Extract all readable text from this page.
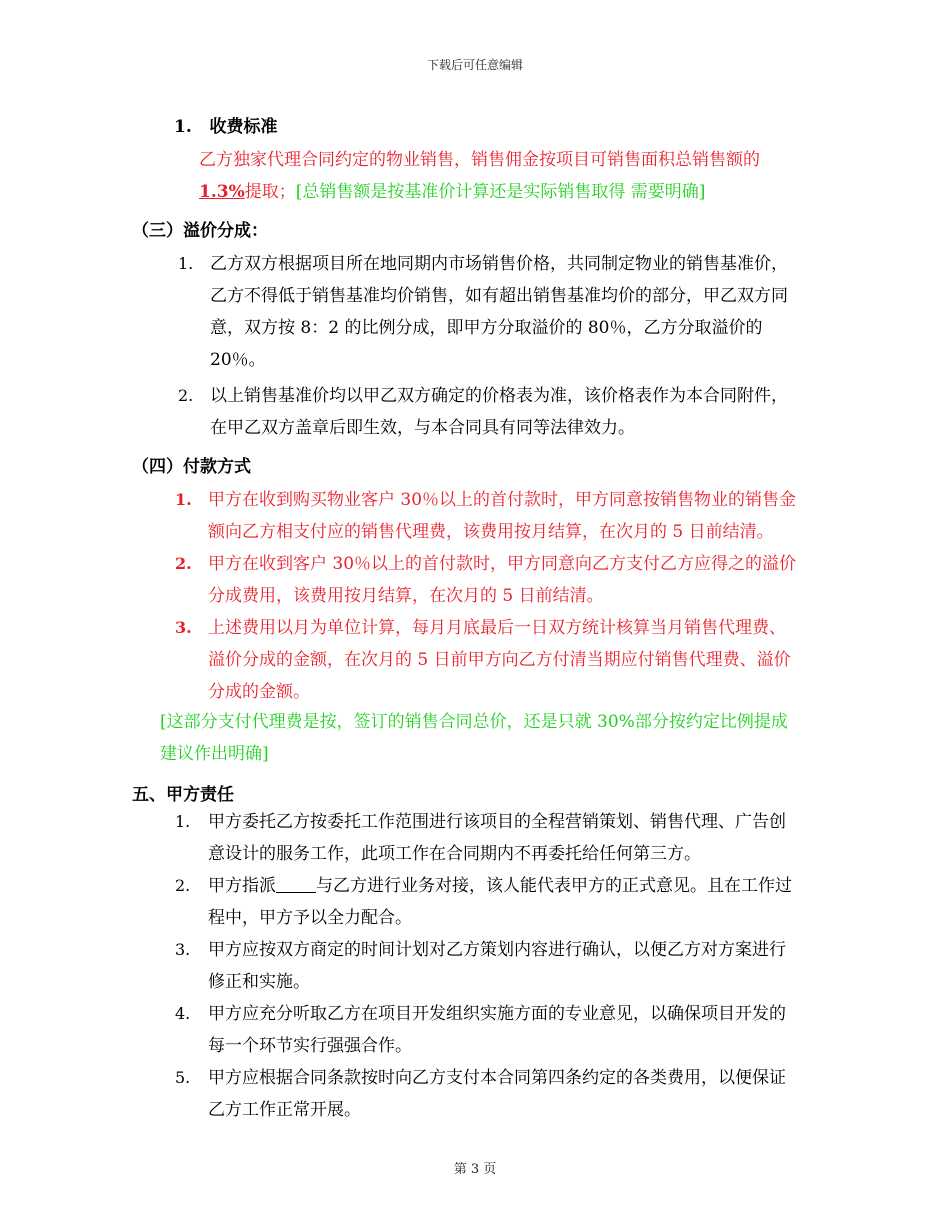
下载后可任意编辑
1. 收费标准
乙方独家代理合同约定的物业销售，销售佣金按项目可销售面积总销售额的
1.3%提取；[总销售额是按基准价计算还是实际销售取得 需要明确]
（三）溢价分成：
1. 乙方双方根据项目所在地同期内市场销售价格，共同制定物业的销售基准价，
乙方不得低于销售基准均价销售，如有超出销售基准均价的部分，甲乙双方同
意，双方按 8：2 的比例分成，即甲方分取溢价的 80％，乙方分取溢价的
20％。
2. 以上销售基准价均以甲乙双方确定的价格表为准，该价格表作为本合同附件，
在甲乙双方盖章后即生效，与本合同具有同等法律效力。
（四）付款方式
1. 甲方在收到购买物业客户 30％以上的首付款时，甲方同意按销售物业的销售金
额向乙方相支付应的销售代理费，该费用按月结算，在次月的 5 日前结清。
2. 甲方在收到客户 30％以上的首付款时，甲方同意向乙方支付乙方应得之的溢价
分成费用，该费用按月结算，在次月的 5 日前结清。
3. 上述费用以月为单位计算，每月月底最后一日双方统计核算当月销售代理费、
溢价分成的金额，在次月的 5 日前甲方向乙方付清当期应付销售代理费、溢价
分成的金额。
[这部分支付代理费是按，签订的销售合同总价，还是只就 30%部分按约定比例提成
建议作出明确]
五、甲方责任
1. 甲方委托乙方按委托工作范围进行该项目的全程营销策划、销售代理、广告创
意设计的服务工作，此项工作在合同期内不再委托给任何第三方。
2. 甲方指派 与乙方进行业务对接，该人能代表甲方的正式意见。且在工作过
程中，甲方予以全力配合。
3. 甲方应按双方商定的时间计划对乙方策划内容进行确认，以便乙方对方案进行
修正和实施。
4. 甲方应充分听取乙方在项目开发组织实施方面的专业意见，以确保项目开发的
每一个环节实行强强合作。
5. 甲方应根据合同条款按时向乙方支付本合同第四条约定的各类费用，以便保证
乙方工作正常开展。
第 3 页
